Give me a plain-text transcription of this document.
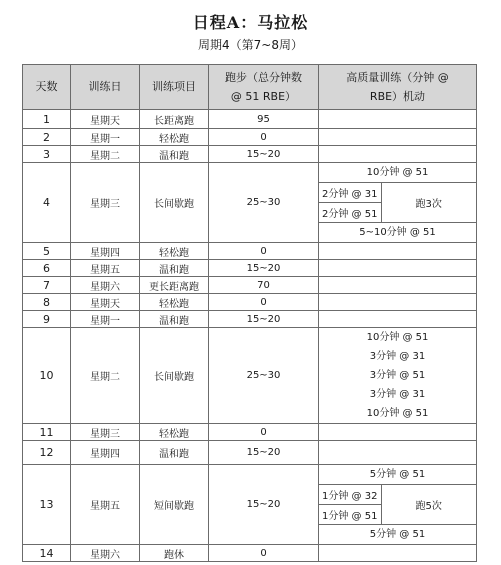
日程A：马拉松
周期4（第7~8周）
天数	训练日	训练项目	
跑步（总分钟数
@ 51 RBE）

高质量训练（分钟 @
RBE）机动

1	星期天	长距离跑	95	
2	星期一	轻松跑	0	
3	星期二	温和跑	15~20	
4	星期三	长间歇跑	25~30	
10分钟 @ 51
2分钟 @ 31	跑3次
2分钟 @ 51
5~10分钟 @ 51

5	星期四	轻松跑	0	
6	星期五	温和跑	15~20	
7	星期六	更长距离跑	70	
8	星期天	轻松跑	0	
9	星期一	温和跑	15~20	
10	星期二	长间歇跑	25~30	
10分钟 @ 51
3分钟 @ 31
3分钟 @ 51
3分钟 @ 31
10分钟 @ 51

11	星期三	轻松跑	0	
12	星期四	温和跑	15~20	
13	星期五	短间歇跑	15~20	
5分钟 @ 51
1分钟 @ 32	跑5次
1分钟 @ 51
5分钟 @ 51

14	星期六	跑休	0	
